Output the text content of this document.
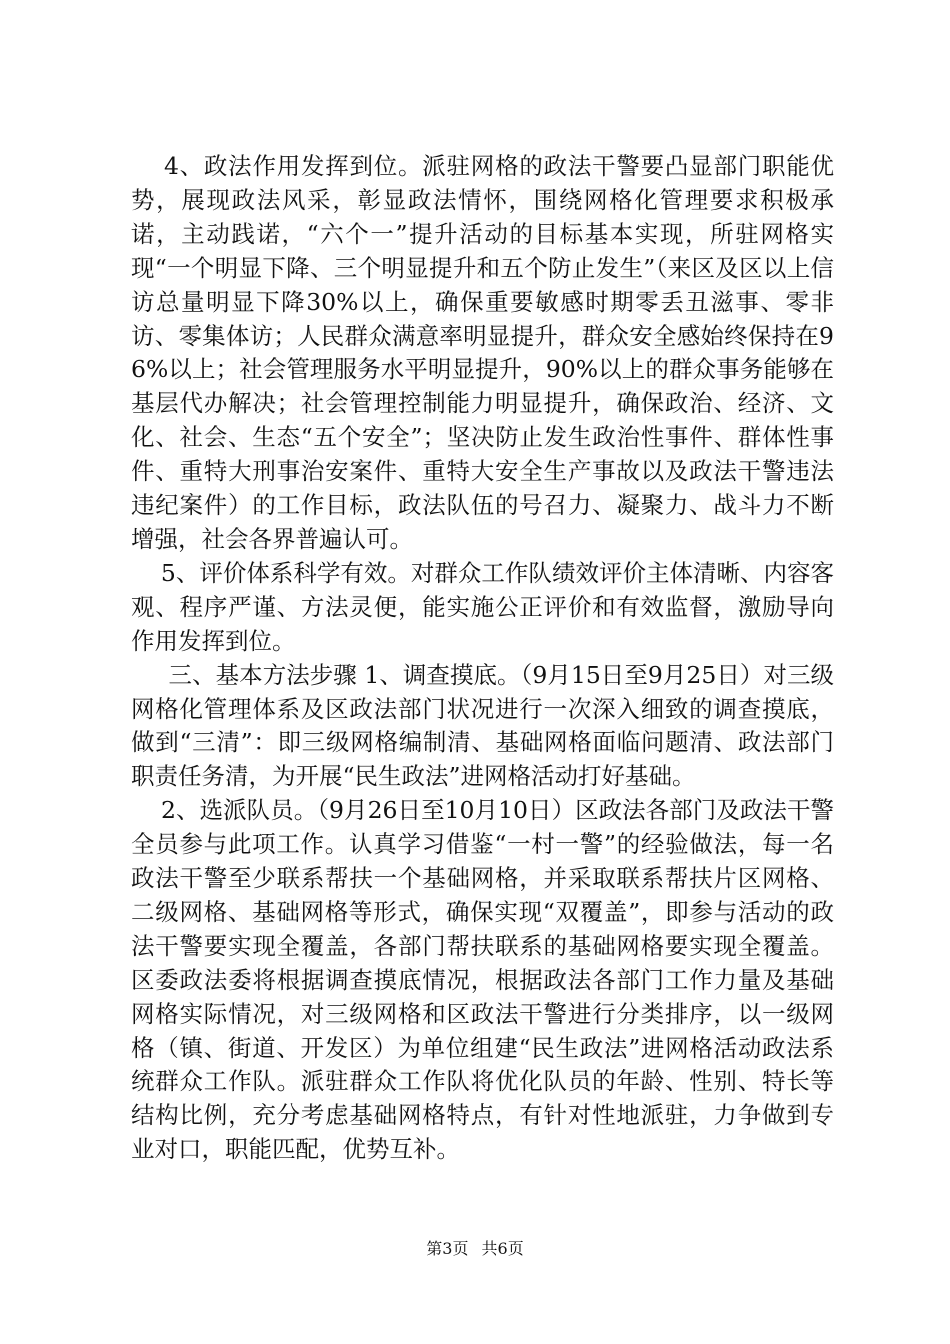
4、政法作用发挥到位。派驻网格的政法干警要凸显部门职能优势，展现政法风采，彰显政法情怀，围绕网格化管理要求积极承诺，主动践诺，“六个一”提升活动的目标基本实现，所驻网格实现“一个明显下降、三个明显提升和五个防止发生”（来区及区以上信访总量明显下降30%以上，确保重要敏感时期零丢丑滋事、零非访、零集体访；人民群众满意率明显提升，群众安全感始终保持在96%以上；社会管理服务水平明显提升，90%以上的群众事务能够在基层代办解决；社会管理控制能力明显提升，确保政治、经济、文化、社会、生态“五个安全”；坚决防止发生政治性事件、群体性事件、重特大刑事治安案件、重特大安全生产事故以及政法干警违法违纪案件）的工作目标，政法队伍的号召力、凝聚力、战斗力不断增强，社会各界普遍认可。

5、评价体系科学有效。对群众工作队绩效评价主体清晰、内容客观、程序严谨、方法灵便，能实施公正评价和有效监督，激励导向作用发挥到位。

三、基本方法步骤 1、调查摸底。（9月15日至9月25日）对三级网格化管理体系及区政法部门状况进行一次深入细致的调查摸底，做到“三清”：即三级网格编制清、基础网格面临问题清、政法部门职责任务清，为开展“民生政法”进网格活动打好基础。

2、选派队员。（9月26日至10月10日）区政法各部门及政法干警全员参与此项工作。认真学习借鉴“一村一警”的经验做法，每一名政法干警至少联系帮扶一个基础网格，并采取联系帮扶片区网格、二级网格、基础网格等形式，确保实现“双覆盖”，即参与活动的政法干警要实现全覆盖，各部门帮扶联系的基础网格要实现全覆盖。区委政法委将根据调查摸底情况，根据政法各部门工作力量及基础网格实际情况，对三级网格和区政法干警进行分类排序，以一级网格（镇、街道、开发区）为单位组建“民生政法”进网格活动政法系统群众工作队。派驻群众工作队将优化队员的年龄、性别、特长等结构比例，充分考虑基础网格特点，有针对性地派驻，力争做到专业对口，职能匹配，优势互补。

第3页 共6页
